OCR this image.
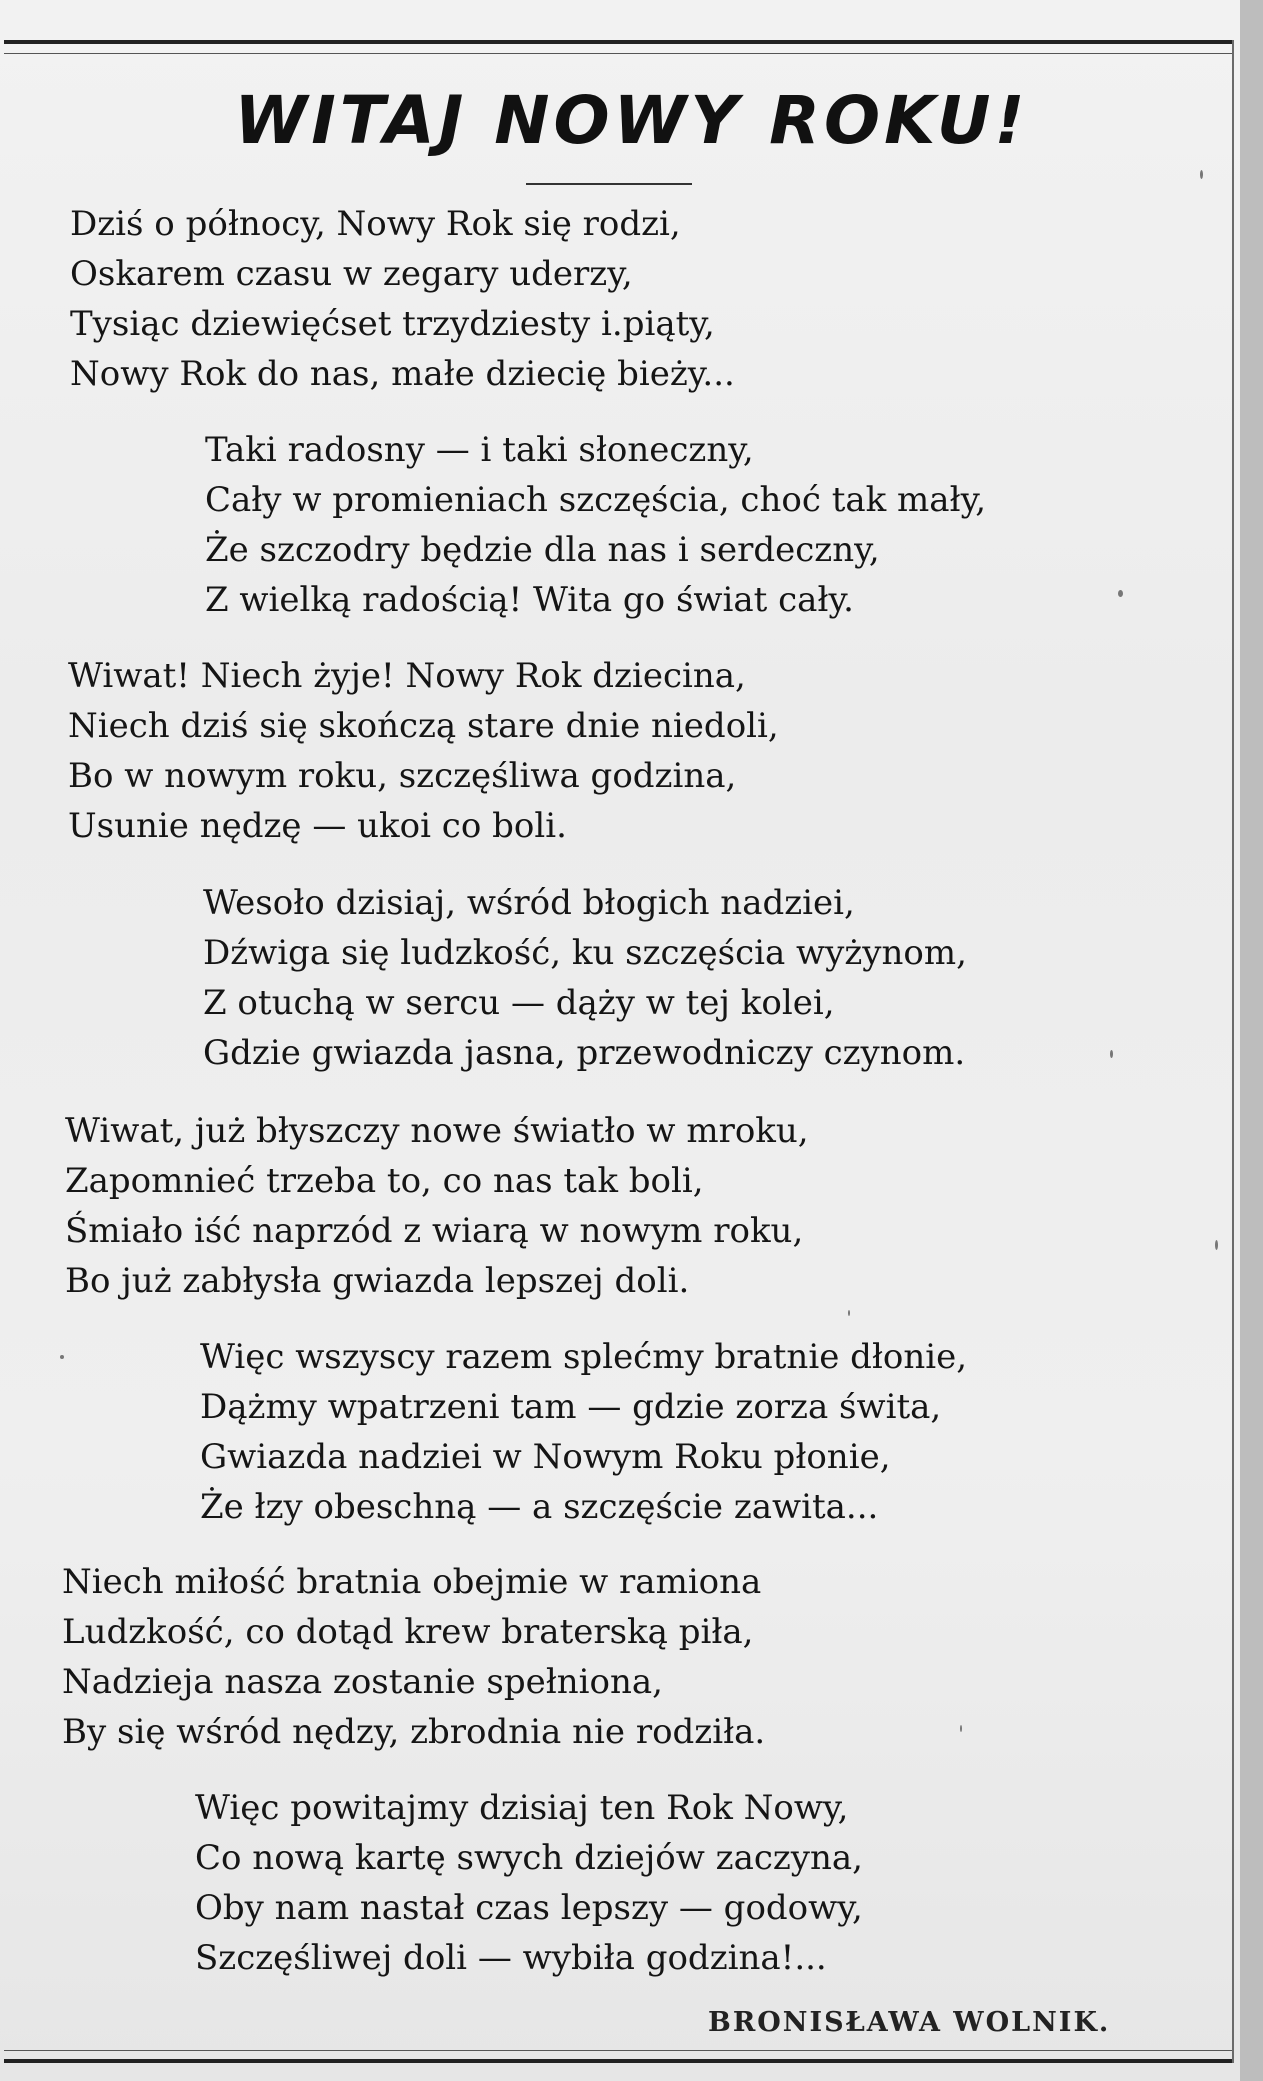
WITAJ NOWY ROKU!
Dziś o północy, Nowy Rok się rodzi,
Oskarem czasu w zegary uderzy,
Tysiąc dziewięćset trzydziesty i.piąty,
Nowy Rok do nas, małe dziecię bieży...
Taki radosny — i taki słoneczny,
Cały w promieniach szczęścia, choć tak mały,
Że szczodry będzie dla nas i serdeczny,
Z wielką radością! Wita go świat cały.
Wiwat! Niech żyje! Nowy Rok dziecina,
Niech dziś się skończą stare dnie niedoli,
Bo w nowym roku, szczęśliwa godzina,
Usunie nędzę — ukoi co boli.
Wesoło dzisiaj, wśród błogich nadziei,
Dźwiga się ludzkość, ku szczęścia wyżynom,
Z otuchą w sercu — dąży w tej kolei,
Gdzie gwiazda jasna, przewodniczy czynom.
Wiwat, już błyszczy nowe światło w mroku,
Zapomnieć trzeba to, co nas tak boli,
Śmiało iść naprzód z wiarą w nowym roku,
Bo już zabłysła gwiazda lepszej doli.
Więc wszyscy razem splećmy bratnie dłonie,
Dążmy wpatrzeni tam — gdzie zorza świta,
Gwiazda nadziei w Nowym Roku płonie,
Że łzy obeschną — a szczęście zawita...
Niech miłość bratnia obejmie w ramiona
Ludzkość, co dotąd krew braterską piła,
Nadzieja nasza zostanie spełniona,
By się wśród nędzy, zbrodnia nie rodziła.
Więc powitajmy dzisiaj ten Rok Nowy,
Co nową kartę swych dziejów zaczyna,
Oby nam nastał czas lepszy — godowy,
Szczęśliwej doli — wybiła godzina!...
BRONISŁAWA WOLNIK.
